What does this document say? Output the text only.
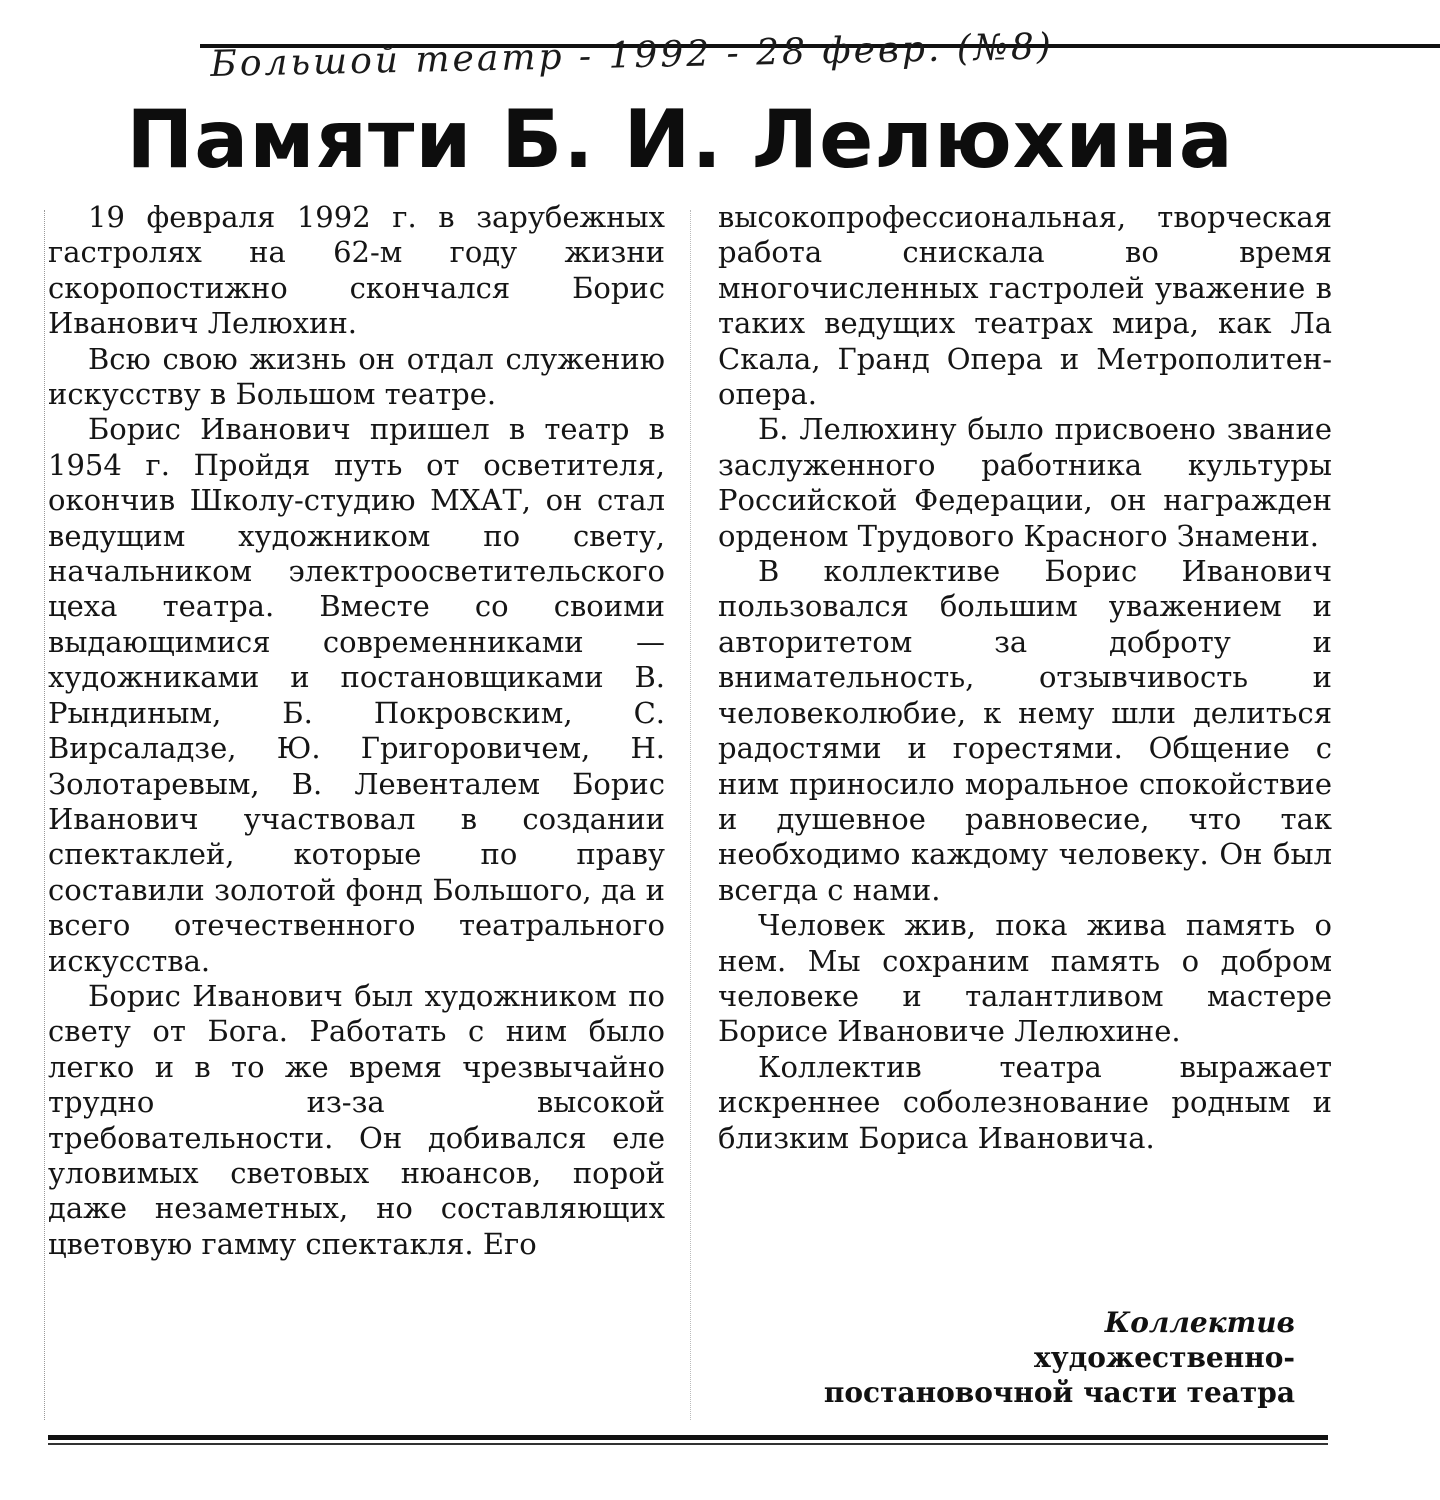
Большой театр - 1992 - 28 февр. (№8)
Памяти Б. И. Лелюхина

19 февраля 1992 г. в зарубежных гастролях на 62-м году жизни скоропостижно скончался Борис Иванович Лелюхин.

Всю свою жизнь он отдал служению искусству в Большом театре.

Борис Иванович пришел в театр в 1954 г. Пройдя путь от осветителя, окончив Школу-студию МХАТ, он стал ведущим художником по свету, начальником электроосветительского цеха театра. Вместе со своими выдающимися современниками — художниками и постановщиками В. Рындиным, Б. Покровским, С. Вирсаладзе, Ю. Григоровичем, Н. Золотаревым, В. Левенталем Борис Иванович участвовал в создании спектаклей, которые по праву составили золотой фонд Большого, да и всего отечественного театрального искусства.

Борис Иванович был художником по свету от Бога. Работать с ним было легко и в то же время чрезвычайно трудно из-за высокой требовательности. Он добивался еле уловимых световых нюансов, порой даже незаметных, но составляющих цветовую гамму спектакля. Его

высокопрофессиональная, творческая работа снискала во время многочисленных гастролей уважение в таких ведущих театрах мира, как Ла Скала, Гранд Опера и Метрополитен-опера.

Б. Лелюхину было присвоено звание заслуженного работника культуры Российской Федерации, он награжден орденом Трудового Красного Знамени.

В коллективе Борис Иванович пользовался большим уважением и авторитетом за доброту и внимательность, отзывчивость и человеколюбие, к нему шли делиться радостями и горестями. Общение с ним приносило моральное спокойствие и душевное равновесие, что так необходимо каждому человеку. Он был всегда с нами.

Человек жив, пока жива память о нем. Мы сохраним память о добром человеке и талантливом мастере Борисе Ивановиче Лелюхине.

Коллектив театра выражает искреннее соболезнование родным и близким Бориса Ивановича.

Коллектив
художественно-
постановочной части театра
